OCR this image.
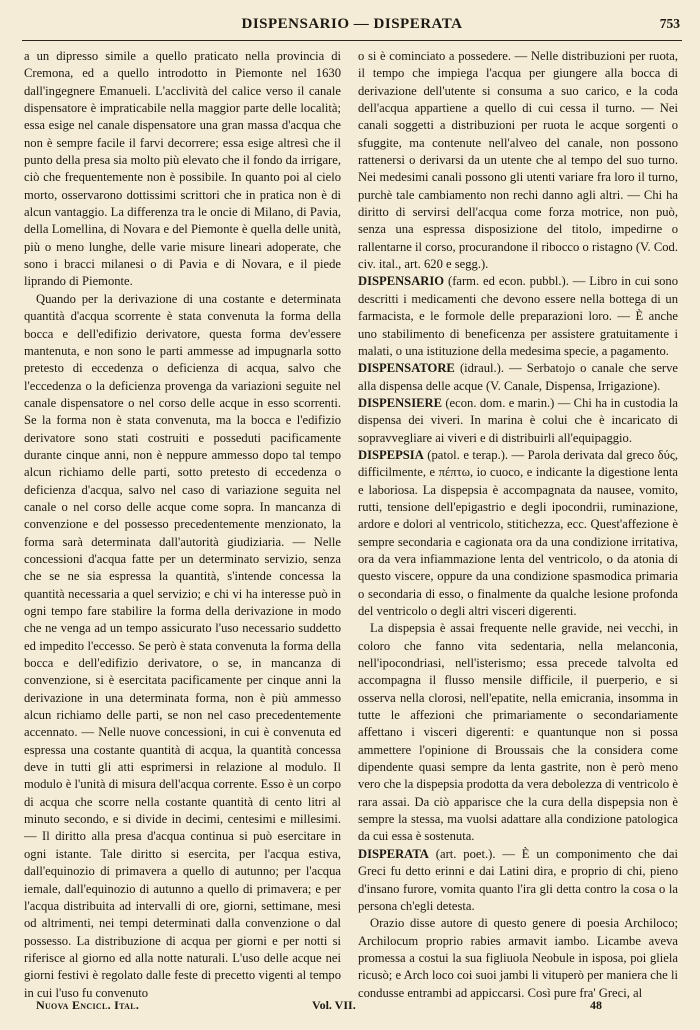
DISPENSARIO — DISPERATA	753

a un dipresso simile a quello praticato nella provincia di Cremona, ed a quello introdotto in Piemonte nel 1630 dall'ingegnere Emanueli. L'acclività del calice verso il canale dispensatore è impraticabile nella maggior parte delle località; essa esige nel canale dispensatore una gran massa d'acqua che non è sempre facile il farvi decorrere; essa esige altresì che il punto della presa sia molto più elevato che il fondo da irrigare, ciò che frequentemente non è possibile. In quanto poi al cielo morto, osservarono dottissimi scrittori che in pratica non è di alcun vantaggio. La differenza tra le oncie di Milano, di Pavia, della Lomellina, di Novara e del Piemonte è quella delle unità, più o meno lunghe, delle varie misure lineari adoperate, che sono i bracci milanesi o di Pavia e di Novara, e il piede liprando di Piemonte.

Quando per la derivazione di una costante e determinata quantità d'acqua scorrente è stata convenuta la forma della bocca e dell'edifizio derivatore, questa forma dev'essere mantenuta, e non sono le parti ammesse ad impugnarla sotto pretesto di eccedenza o deficienza di acqua, salvo che l'eccedenza o la deficienza provenga da variazioni seguite nel canale dispensatore o nel corso delle acque in esso scorrenti. Se la forma non è stata convenuta, ma la bocca e l'edifizio derivatore sono stati costruiti e posseduti pacificamente durante cinque anni, non è neppure ammesso dopo tal tempo alcun richiamo delle parti, sotto pretesto di eccedenza o deficienza d'acqua, salvo nel caso di variazione seguita nel canale o nel corso delle acque come sopra. In mancanza di convenzione e del possesso precedentemente menzionato, la forma sarà determinata dall'autorità giudiziaria. — Nelle concessioni d'acqua fatte per un determinato servizio, senza che se ne sia espressa la quantità, s'intende concessa la quantità necessaria a quel servizio; e chi vi ha interesse può in ogni tempo fare stabilire la forma della derivazione in modo che ne venga ad un tempo assicurato l'uso necessario suddetto ed impedito l'eccesso. Se però è stata convenuta la forma della bocca e dell'edifizio derivatore, o se, in mancanza di convenzione, si è esercitata pacificamente per cinque anni la derivazione in una determinata forma, non è più ammesso alcun richiamo delle parti, se non nel caso precedentemente accennato. — Nelle nuove concessioni, in cui è convenuta ed espressa una costante quantità di acqua, la quantità concessa deve in tutti gli atti esprimersi in relazione al modulo. Il modulo è l'unità di misura dell'acqua corrente. Esso è un corpo di acqua che scorre nella costante quantità di cento litri al minuto secondo, e si divide in decimi, centesimi e millesimi. — Il diritto alla presa d'acqua continua si può esercitare in ogni istante. Tale diritto si esercita, per l'acqua estiva, dall'equinozio di primavera a quello di autunno; per l'acqua iemale, dall'equinozio di autunno a quello di primavera; e per l'acqua distribuita ad intervalli di ore, giorni, settimane, mesi od altrimenti, nei tempi determinati dalla convenzione o dal possesso. La distribuzione di acqua per giorni e per notti si riferisce al giorno ed alla notte naturali. L'uso delle acque nei giorni festivi è regolato dalle feste di precetto vigenti al tempo in cui l'uso fu convenuto

o si è cominciato a possedere. — Nelle distribuzioni per ruota, il tempo che impiega l'acqua per giungere alla bocca di derivazione dell'utente si consuma a suo carico, e la coda dell'acqua appartiene a quello di cui cessa il turno. — Nei canali soggetti a distribuzioni per ruota le acque sorgenti o sfuggite, ma contenute nell'alveo del canale, non possono rattenersi o derivarsi da un utente che al tempo del suo turno. Nei medesimi canali possono gli utenti variare fra loro il turno, purchè tale cambiamento non rechi danno agli altri. — Chi ha diritto di servirsi dell'acqua come forza motrice, non può, senza una espressa disposizione del titolo, impedirne o rallentarne il corso, procurandone il ribocco o ristagno (V. Cod. civ. ital., art. 620 e segg.).

DISPENSARIO (farm. ed econ. pubbl.). — Libro in cui sono descritti i medicamenti che devono essere nella bottega di un farmacista, e le formole delle preparazioni loro. — È anche uno stabilimento di beneficenza per assistere gratuitamente i malati, o una istituzione della medesima specie, a pagamento.

DISPENSATORE (idraul.). — Serbatojo o canale che serve alla dispensa delle acque (V. Canale, Dispensa, Irrigazione).

DISPENSIERE (econ. dom. e marin.) — Chi ha in custodia la dispensa dei viveri. In marina è colui che è incaricato di sopravvegliare ai viveri e di distribuirli all'equipaggio.

DISPEPSIA (patol. e terap.). — Parola derivata dal greco δύς, difficilmente, e πέπτω, io cuoco, e indicante la digestione lenta e laboriosa. La dispepsia è accompagnata da nausee, vomito, rutti, tensione dell'epigastrio e degli ipocondrii, ruminazione, ardore e dolori al ventricolo, stitichezza, ecc. Quest'affezione è sempre secondaria e cagionata ora da una condizione irritativa, ora da vera infiammazione lenta del ventricolo, o da atonia di questo viscere, oppure da una condizione spasmodica primaria o secondaria di esso, o finalmente da qualche lesione profonda del ventricolo o degli altri visceri digerenti.

La dispepsia è assai frequente nelle gravide, nei vecchi, in coloro che fanno vita sedentaria, nella melanconia, nell'ipocondriasi, nell'isterismo; essa precede talvolta ed accompagna il flusso mensile difficile, il puerperio, e si osserva nella clorosi, nell'epatite, nella emicrania, insomma in tutte le affezioni che primariamente o secondariamente affettano i visceri digerenti: e quantunque non si possa ammettere l'opinione di Broussais che la considera come dipendente quasi sempre da lenta gastrite, non è però meno vero che la dispepsia prodotta da vera debolezza di ventricolo è rara assai. Da ciò apparisce che la cura della dispepsia non è sempre la stessa, ma vuolsi adattare alla condizione patologica da cui essa è sostenuta.

DISPERATA (art. poet.). — È un componimento che dai Greci fu detto erinni e dai Latini dira, e proprio di chi, pieno d'insano furore, vomita quanto l'ira gli detta contro la cosa o la persona ch'egli detesta.

Orazio disse autore di questo genere di poesia Archiloco; Archilocum proprio rabies armavit iambo. Licambe aveva promessa a costui la sua figliuola Neobule in isposa, poi gliela ricusò; e Arch loco coi suoi jambi li vituperò per maniera che li condusse entrambi ad appiccarsi. Così pure fra' Greci, al

Nuova Encicl. Ital.	Vol. VII.	48
